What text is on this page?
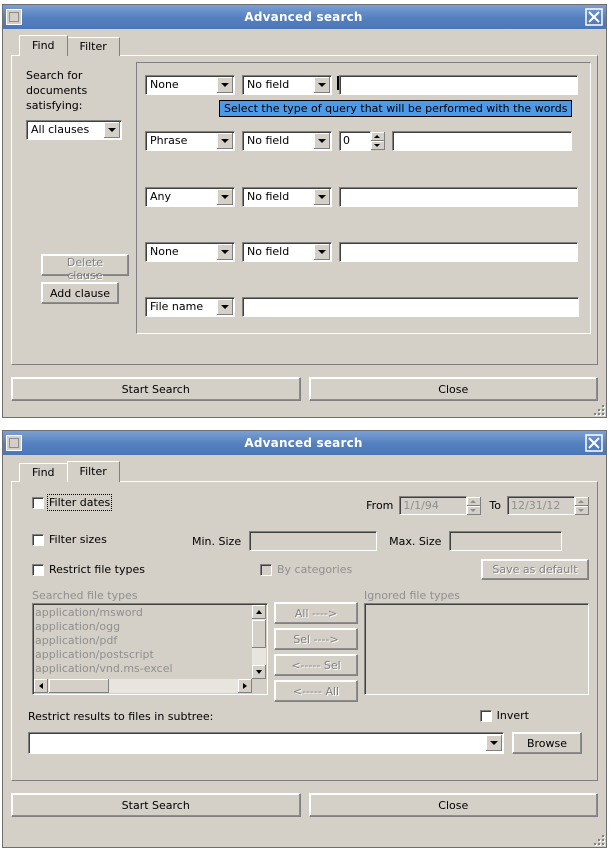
Advanced search
Find	Filter
Search for
documents
satisfying:
All clauses
Delete clause
Add clause
None	No field
Select the type of query that will be performed with the words
Phrase	No field	0
Any	No field
None	No field
File name
Start Search	Close
Advanced search
Find	Filter
Filter dates	From 1/1/94	To 12/31/12
Filter sizes	Min. Size	Max. Size
Restrict file types	By categories	Save as default
Searched file types
application/msword
application/ogg
application/pdf
application/postscript
application/vnd.ms-excel
All ---->
Sel ---->
<----- Sel
<----- All
Ignored file types
Restrict results to files in subtree:	Invert
Browse
Start Search	Close
